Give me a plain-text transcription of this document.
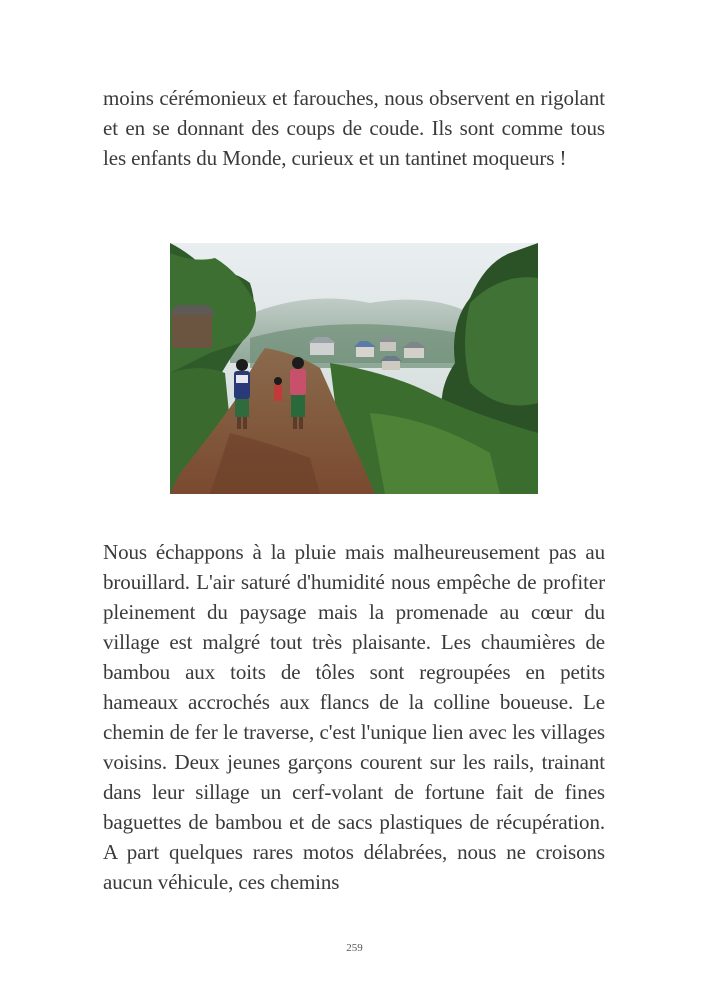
moins cérémonieux et farouches, nous observent en rigolant et en se donnant des coups de coude. Ils sont comme tous les enfants du Monde, curieux et un tantinet moqueurs !

Nous échappons à la pluie mais malheureusement pas au brouillard. L'air saturé d'humidité nous empêche de profiter pleinement du paysage mais la promenade au cœur du village est malgré tout très plaisante. Les chaumières de bambou aux toits de tôles sont regroupées en petits hameaux accrochés aux flancs de la colline boueuse. Le chemin de fer le traverse, c'est l'unique lien avec les villages voisins. Deux jeunes garçons courent sur les rails, trainant dans leur sillage un cerf-volant de fortune fait de fines baguettes de bambou et de sacs plastiques de récupération. A part quelques rares motos délabrées, nous ne croisons aucun véhicule, ces chemins

259
